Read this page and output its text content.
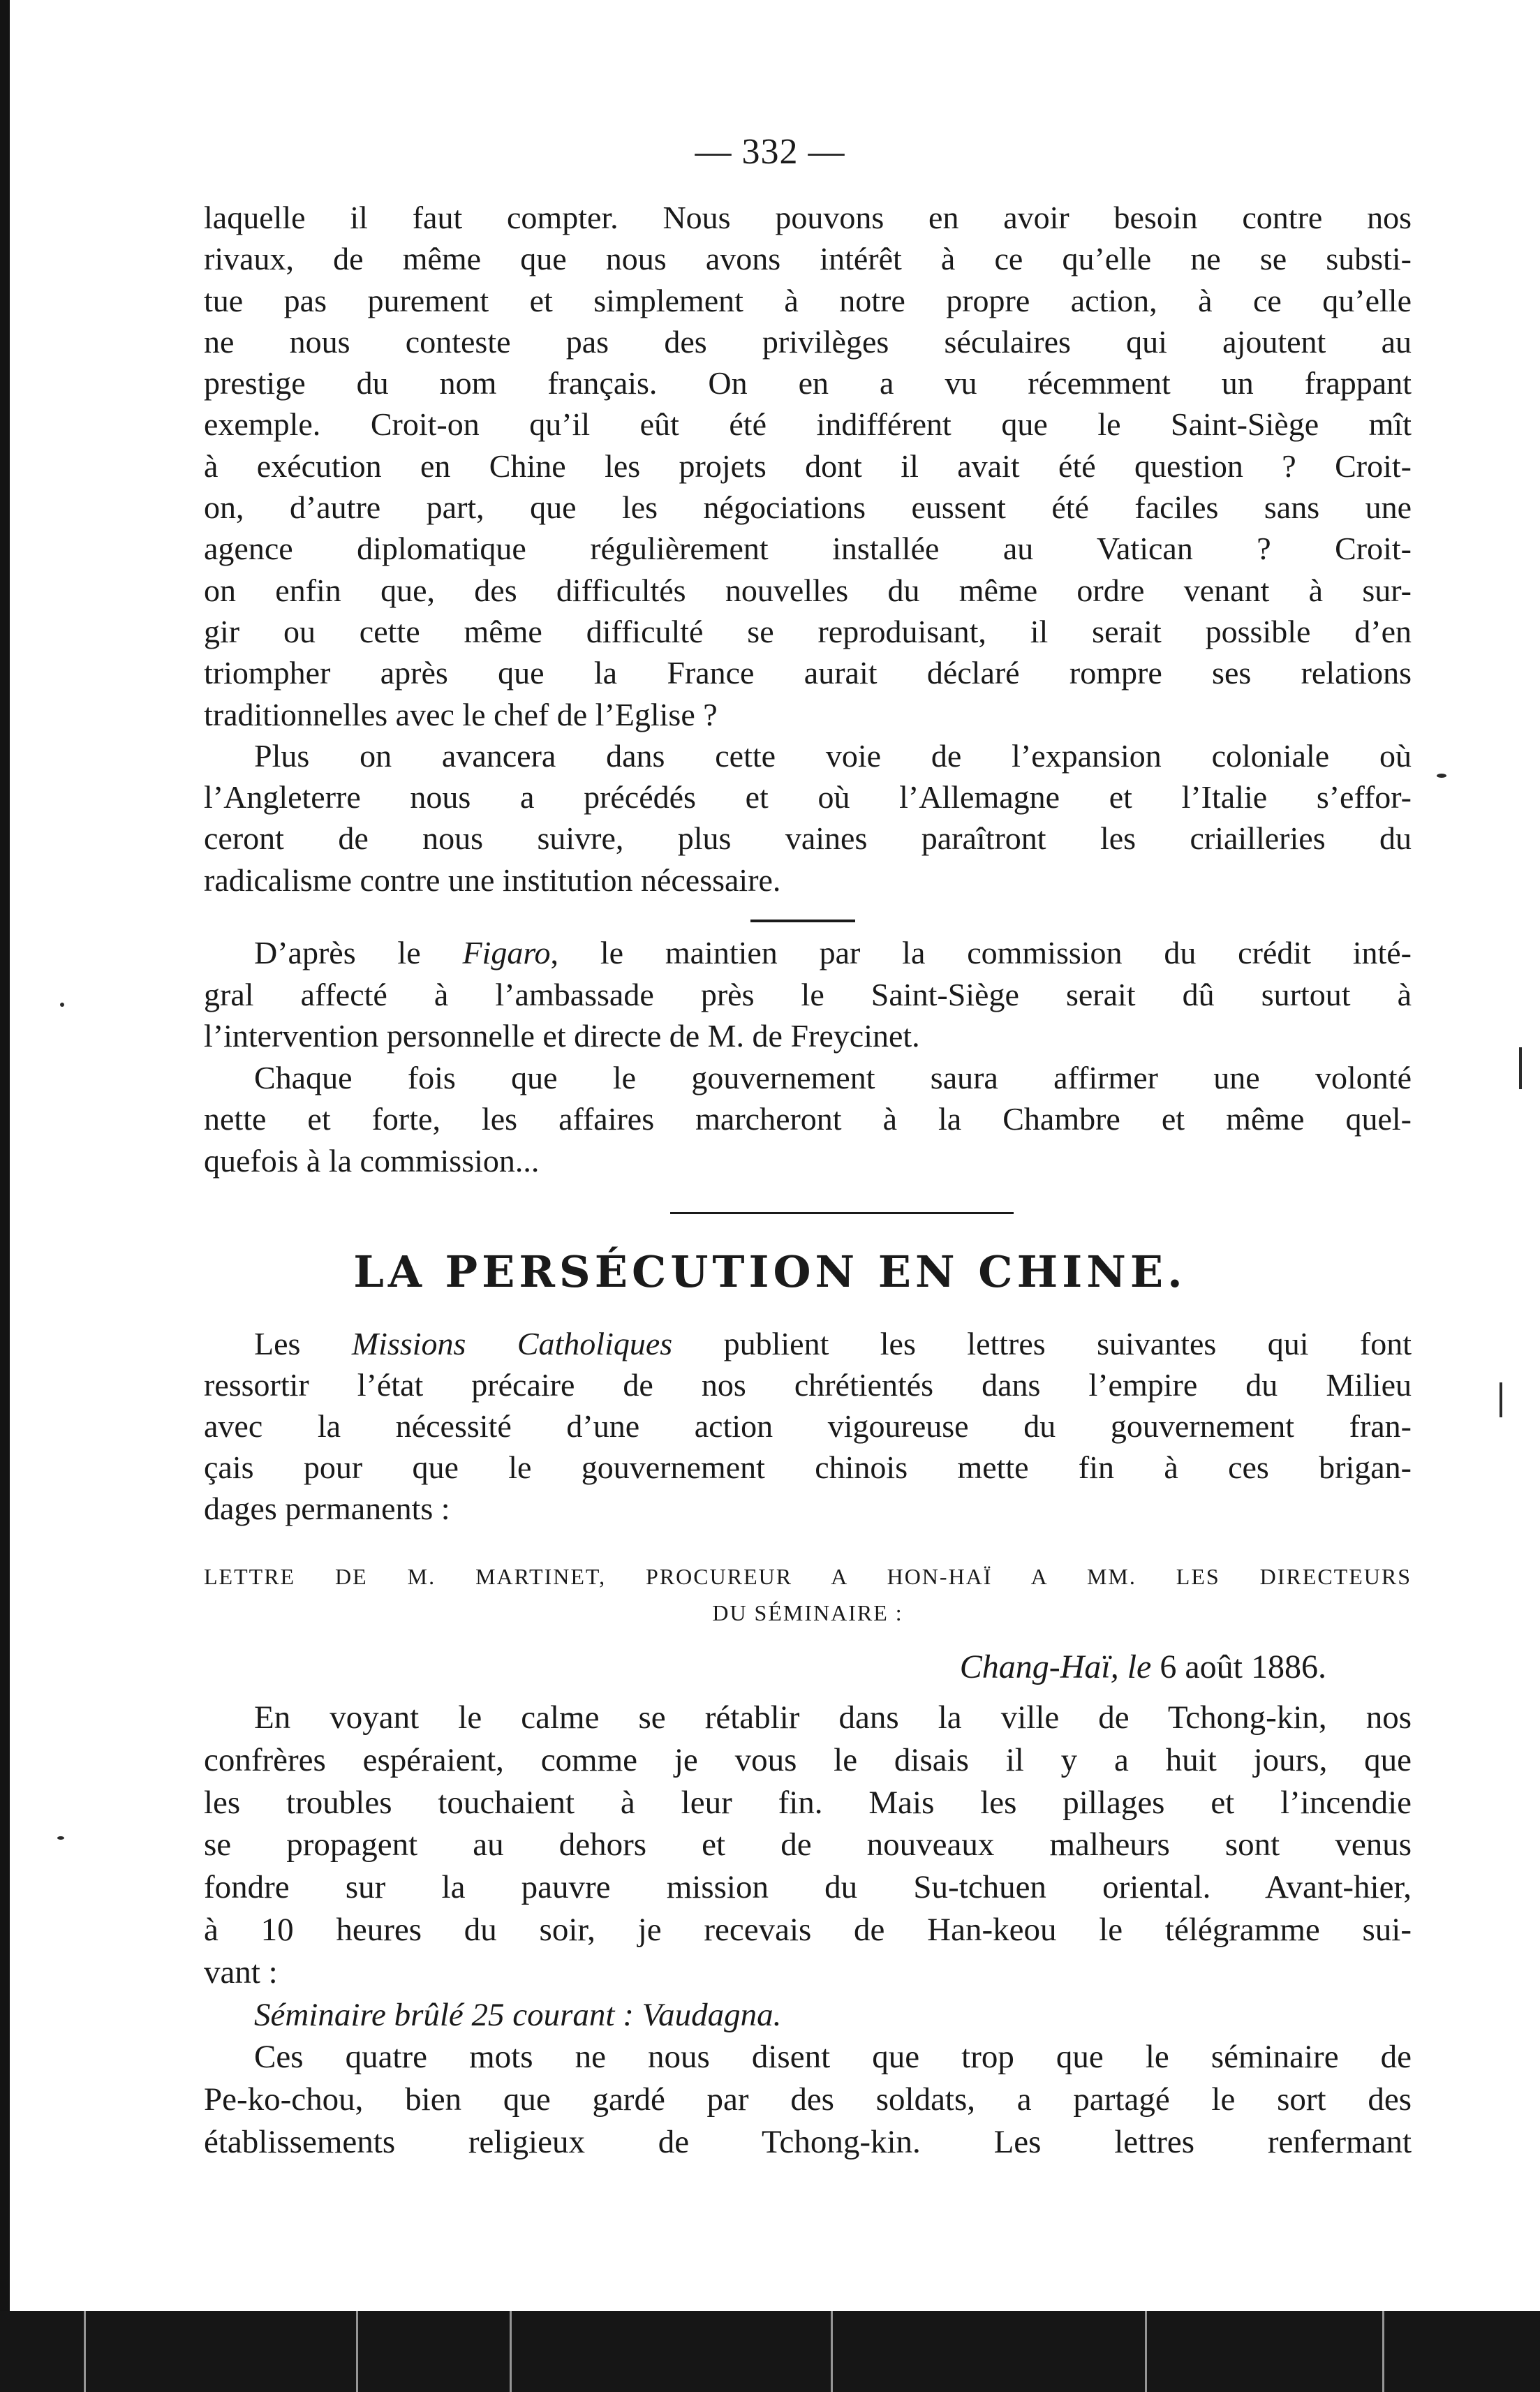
— 332 —

laquelle il faut compter. Nous pouvons en avoir besoin contre nos
rivaux, de même que nous avons intérêt à ce qu’elle ne se substi-
tue pas purement et simplement à notre propre action, à ce qu’elle
ne nous conteste pas des privilèges séculaires qui ajoutent au
prestige du nom français. On en a vu récemment un frappant
exemple. Croit-on qu’il eût été indifférent que le Saint-Siège mît
à exécution en Chine les projets dont il avait été question ? Croit-
on, d’autre part, que les négociations eussent été faciles sans une
agence diplomatique régulièrement installée au Vatican ? Croit-
on enfin que, des difficultés nouvelles du même ordre venant à sur-
gir ou cette même difficulté se reproduisant, il serait possible d’en
triompher après que la France aurait déclaré rompre ses relations
traditionnelles avec le chef de l’Eglise ?
Plus on avancera dans cette voie de l’expansion coloniale où
l’Angleterre nous a précédés et où l’Allemagne et l’Italie s’effor-
ceront de nous suivre, plus vaines paraîtront les criailleries du
radicalisme contre une institution nécessaire.
D’après le Figaro, le maintien par la commission du crédit inté-
gral affecté à l’ambassade près le Saint-Siège serait dû surtout à
l’intervention personnelle et directe de M. de Freycinet.
Chaque fois que le gouvernement saura affirmer une volonté
nette et forte, les affaires marcheront à la Chambre et même quel-
quefois à la commission...
LA PERSÉCUTION EN CHINE.
Les Missions Catholiques publient les lettres suivantes qui font
ressortir l’état précaire de nos chrétientés dans l’empire du Milieu
avec la nécessité d’une action vigoureuse du gouvernement fran-
çais pour que le gouvernement chinois mette fin à ces brigan-
dages permanents :

LETTRE DE M. MARTINET, PROCUREUR A HON-HAÏ A MM. LES DIRECTEURS

DU SÉMINAIRE :

Chang-Haï, le 6 août 1886.

En voyant le calme se rétablir dans la ville de Tchong-kin, nos
confrères espéraient, comme je vous le disais il y a huit jours, que
les troubles touchaient à leur fin. Mais les pillages et l’incendie
se propagent au dehors et de nouveaux malheurs sont venus
fondre sur la pauvre mission du Su-tchuen oriental. Avant-hier,
à 10 heures du soir, je recevais de Han-keou le télégramme sui-
vant :
Séminaire brûlé 25 courant : Vaudagna.
Ces quatre mots ne nous disent que trop que le séminaire de
Pe-ko-chou, bien que gardé par des soldats, a partagé le sort des
établissements religieux de Tchong-kin. Les lettres renfermant
